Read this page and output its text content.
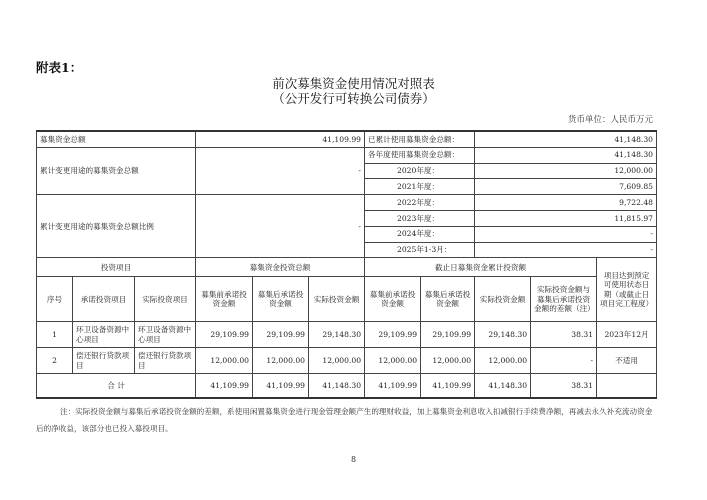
附表1：
前次募集资金使用情况对照表
（公开发行可转换公司债券）
货币单位：人民币万元
募集资金总额	41,109.99	已累计使用募集资金总额：	41,148.30
累计变更用途的募集资金总额	-	各年度使用募集资金总额：	41,148.30
		2020年度：	12,000.00
		2021年度：	7,609.85
累计变更用途的募集资金总额比例	-	2022年度：	9,722.48
		2023年度：	11,815.97
		2024年度：	-
		2025年1-3月：	-
投资项目			募集资金投资总额			截止日募集资金累计投资额				项目达到预定可使用状态日期（或截止日项目完工程度）
序号	承诺投资项目	实际投资项目	募集前承诺投资金额	募集后承诺投资金额	实际投资金额	募集前承诺投资金额	募集后承诺投资金额	实际投资金额	实际投资金额与募集后承诺投资金额的差额（注）	
1	环卫设备资源中心项目	环卫设备资源中心项目	29,109.99	29,109.99	29,148.30	29,109.99	29,109.99	29,148.30	38.31	2023年12月
2	偿还银行贷款项目	偿还银行贷款项目	12,000.00	12,000.00	12,000.00	12,000.00	12,000.00	12,000.00	-	不适用
合 计			41,109.99	41,109.99	41,148.30	41,109.99	41,109.99	41,148.30	38.31	
注：实际投资金额与募集后承诺投资金额的差额，系使用闲置募集资金进行现金管理金额产生的理财收益，加上募集资金利息收入扣减银行手续费净额，再减去永久补充流动资金后的净收益，该部分也已投入募投项目。
8
